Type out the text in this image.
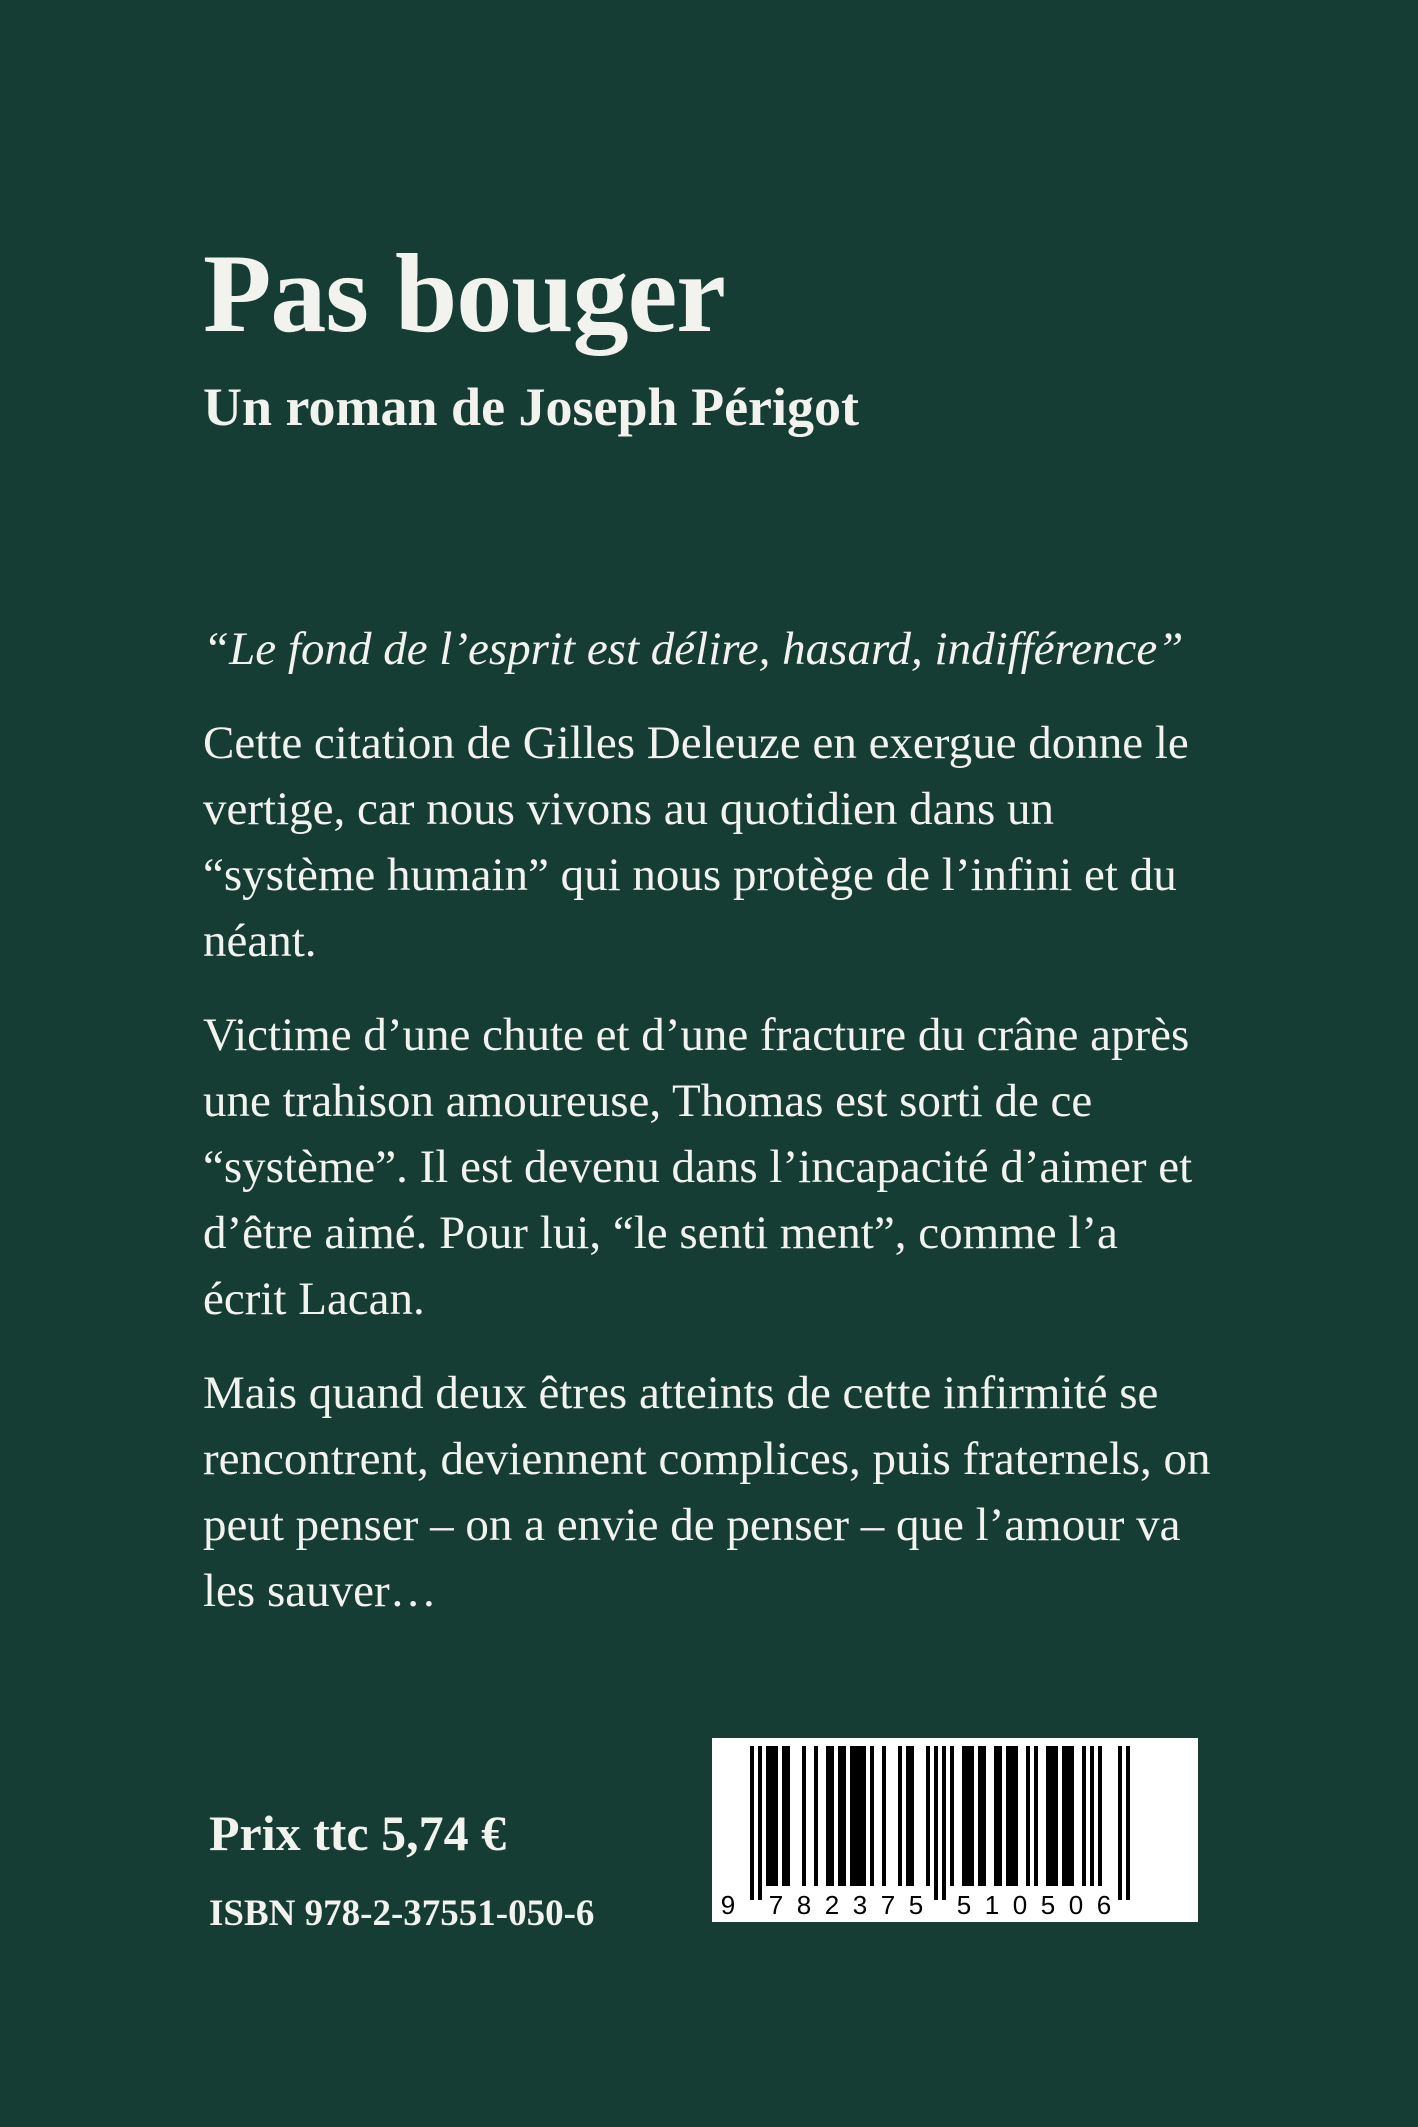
Pas bouger
Un roman de Joseph Périgot

“Le fond de l’esprit est délire, hasard, indifférence”

Cette citation de Gilles Deleuze en exergue donne le vertige, car nous vivons au quotidien dans un “système humain” qui nous protège de l’infini et du néant.

Victime d’une chute et d’une fracture du crâne après une trahison amoureuse, Thomas est sorti de ce “système”. Il est devenu dans l’incapacité d’aimer et d’être aimé. Pour lui, “le senti ment”, comme l’a écrit Lacan.

Mais quand deux êtres atteints de cette infirmité se rencontrent, deviennent complices, puis fraternels, on peut penser – on a envie de penser – que l’amour va les sauver…

Prix ttc 5,74 €
ISBN 978-2-37551-050-6	9 7 8 2 3 7 5 5 1 0 5 0 6
